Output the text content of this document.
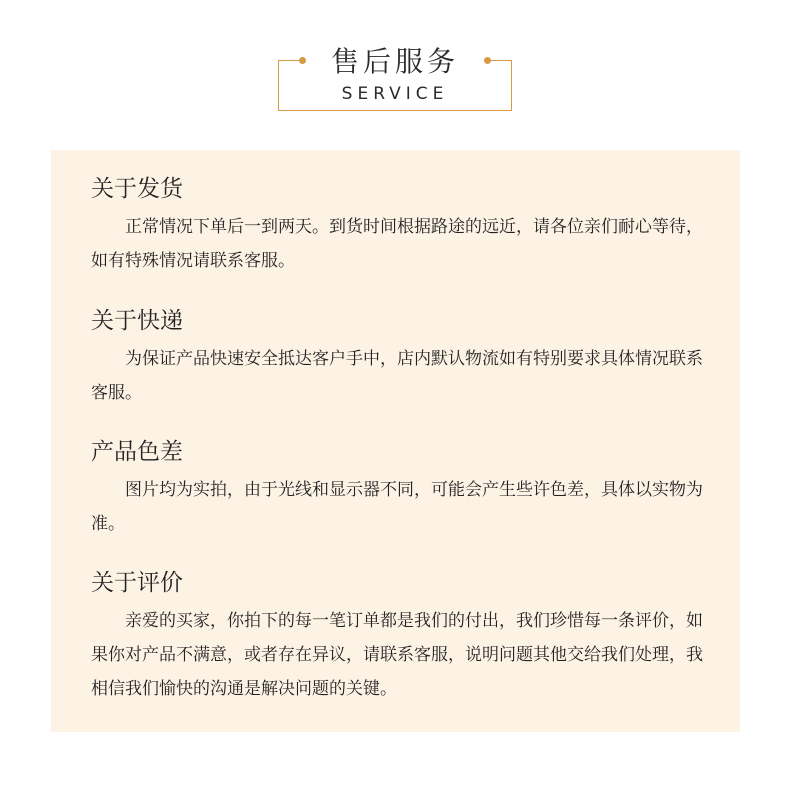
售后服务
SERVICE
关于发货

正常情况下单后一到两天。到货时间根据路途的远近，请各位亲们耐心等待，如有特殊情况请联系客服。

关于快递

为保证产品快速安全抵达客户手中，店内默认物流如有特别要求具体情况联系客服。

产品色差

图片均为实拍，由于光线和显示器不同，可能会产生些许色差，具体以实物为准。

关于评价

亲爱的买家，你拍下的每一笔订单都是我们的付出，我们珍惜每一条评价，如果你对产品不满意，或者存在异议，请联系客服，说明问题其他交给我们处理，我相信我们愉快的沟通是解决问题的关键。
